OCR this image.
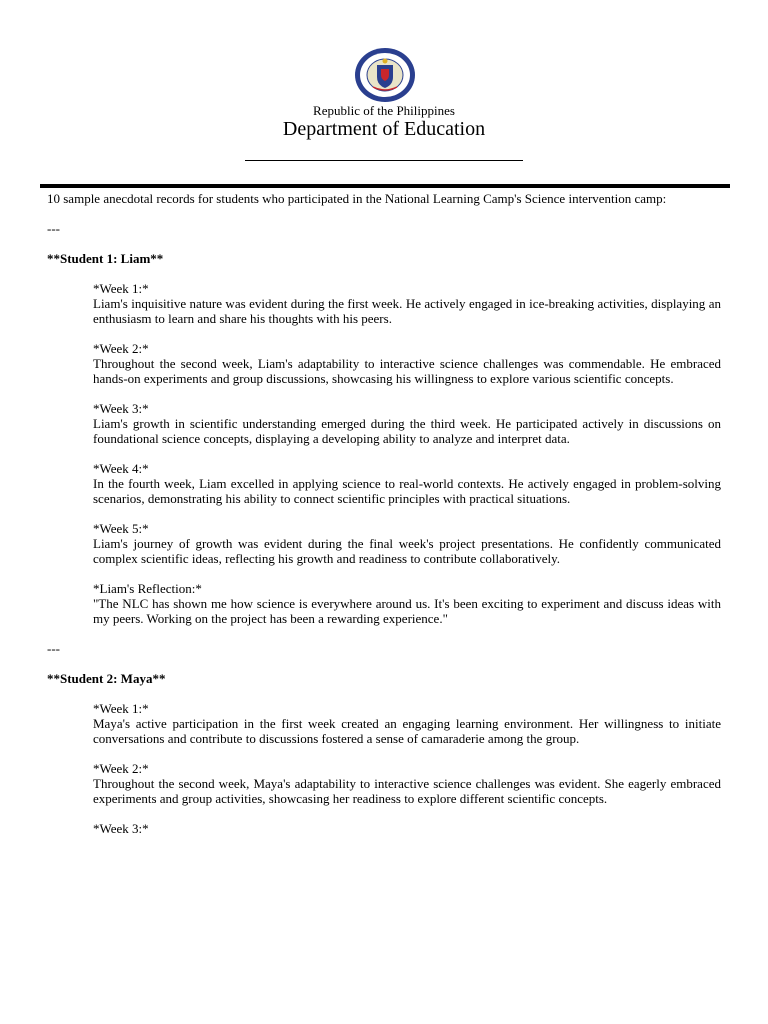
Republic of the Philippines
Department of Education

10 sample anecdotal records for students who participated in the National Learning Camp's Science intervention camp:

---

**Student 1: Liam**

*Week 1:*

Liam's inquisitive nature was evident during the first week. He actively engaged in ice-breaking activities, displaying an enthusiasm to learn and share his thoughts with his peers.

*Week 2:*

Throughout the second week, Liam's adaptability to interactive science challenges was commendable. He embraced hands-on experiments and group discussions, showcasing his willingness to explore various scientific concepts.

*Week 3:*

Liam's growth in scientific understanding emerged during the third week. He participated actively in discussions on foundational science concepts, displaying a developing ability to analyze and interpret data.

*Week 4:*

In the fourth week, Liam excelled in applying science to real-world contexts. He actively engaged in problem-solving scenarios, demonstrating his ability to connect scientific principles with practical situations.

*Week 5:*

Liam's journey of growth was evident during the final week's project presentations. He confidently communicated complex scientific ideas, reflecting his growth and readiness to contribute collaboratively.

*Liam's Reflection:*

"The NLC has shown me how science is everywhere around us. It's been exciting to experiment and discuss ideas with my peers. Working on the project has been a rewarding experience."

---

**Student 2: Maya**

*Week 1:*

Maya's active participation in the first week created an engaging learning environment. Her willingness to initiate conversations and contribute to discussions fostered a sense of camaraderie among the group.

*Week 2:*

Throughout the second week, Maya's adaptability to interactive science challenges was evident. She eagerly embraced experiments and group activities, showcasing her readiness to explore different scientific concepts.

*Week 3:*
